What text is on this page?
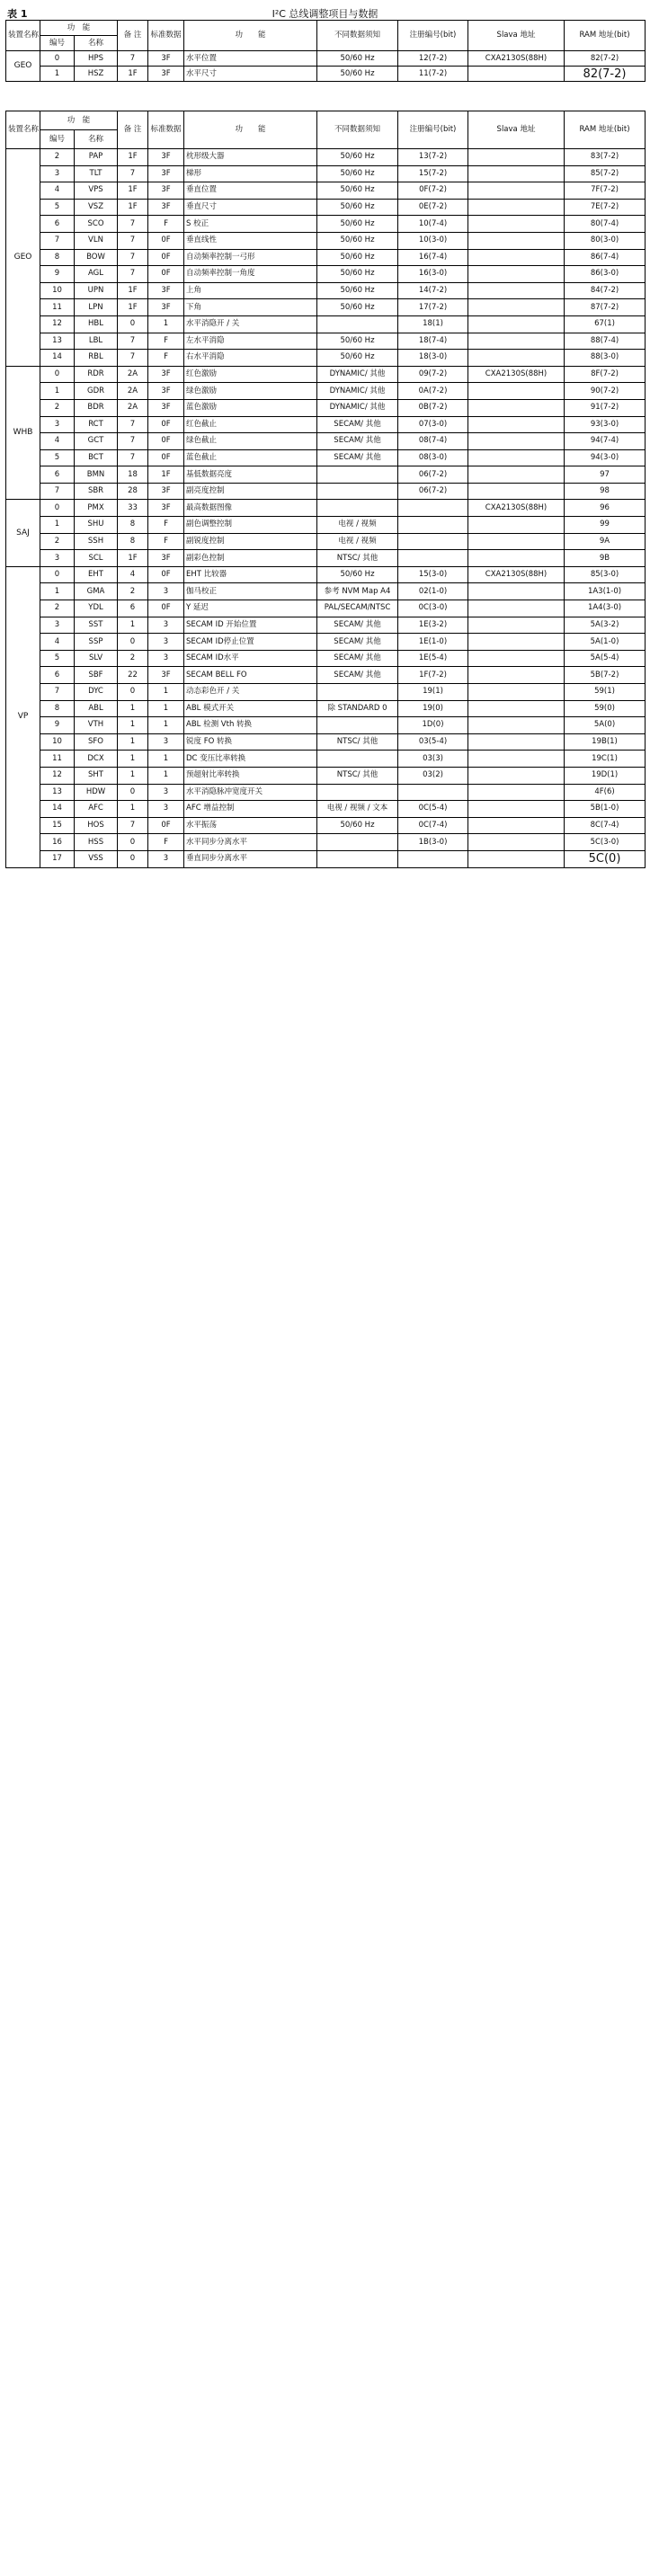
表 1	I²C 总线调整项目与数据
装置名称	功　能		备 注	标准数据	功　　能	不同数据须知	注册编号(bit)	Slava 地址	RAM 地址(bit)
	编号	名称							
GEO	0	HPS	7	3F	水平位置	50/60 Hz	12(7-2)	CXA2130S(88H)	82(7-2)
	1	HSZ	1F	3F	水平尺寸	50/60 Hz	11(7-2)		82(7-2)
装置名称	功　能		备 注	标准数据	功　　能	不同数据须知	注册编号(bit)	Slava 地址	RAM 地址(bit)
	编号	名称							
GEO	2	PAP	1F	3F	枕形级大器	50/60 Hz	13(7-2)		83(7-2)
	3	TLT	7	3F	梯形	50/60 Hz	15(7-2)		85(7-2)
	4	VPS	1F	3F	垂直位置	50/60 Hz	0F(7-2)		7F(7-2)
	5	VSZ	1F	3F	垂直尺寸	50/60 Hz	0E(7-2)		7E(7-2)
	6	SCO	7	F	S 校正	50/60 Hz	10(7-4)		80(7-4)
	7	VLN	7	0F	垂直线性	50/60 Hz	10(3-0)		80(3-0)
	8	BOW	7	0F	自动频率控制一弓形	50/60 Hz	16(7-4)		86(7-4)
	9	AGL	7	0F	自动频率控制一角度	50/60 Hz	16(3-0)		86(3-0)
	10	UPN	1F	3F	上角	50/60 Hz	14(7-2)		84(7-2)
	11	LPN	1F	3F	下角	50/60 Hz	17(7-2)		87(7-2)
	12	HBL	0	1	水平消隐开 / 关		18(1)		67(1)
	13	LBL	7	F	左水平消隐	50/60 Hz	18(7-4)		88(7-4)
	14	RBL	7	F	右水平消隐	50/60 Hz	18(3-0)		88(3-0)
WHB	0	RDR	2A	3F	红色激励	DYNAMIC/ 其他	09(7-2)	CXA2130S(88H)	8F(7-2)
	1	GDR	2A	3F	绿色激励	DYNAMIC/ 其他	0A(7-2)		90(7-2)
	2	BDR	2A	3F	蓝色激励	DYNAMIC/ 其他	0B(7-2)		91(7-2)
	3	RCT	7	0F	红色截止	SECAM/ 其他	07(3-0)		93(3-0)
	4	GCT	7	0F	绿色截止	SECAM/ 其他	08(7-4)		94(7-4)
	5	BCT	7	0F	蓝色截止	SECAM/ 其他	08(3-0)		94(3-0)
	6	BMN	18	1F	基低数据亮度		06(7-2)		97
	7	SBR	28	3F	副亮度控制		06(7-2)		98
SAJ	0	PMX	33	3F	最高数据图像			CXA2130S(88H)	96
	1	SHU	8	F	副色调整控制	电视 / 视频			99
	2	SSH	8	F	副锐度控制	电视 / 视频			9A
	3	SCL	1F	3F	副彩色控制	NTSC/ 其他			9B
VP	0	EHT	4	0F	EHT 比较器	50/60 Hz	15(3-0)	CXA2130S(88H)	85(3-0)
	1	GMA	2	3	伽马校正	参考 NVM Map A4	02(1-0)		1A3(1-0)
	2	YDL	6	0F	Y 延迟	PAL/SECAM/NTSC	0C(3-0)		1A4(3-0)
	3	SST	1	3	SECAM ID 开始位置	SECAM/ 其他	1E(3-2)		5A(3-2)
	4	SSP	0	3	SECAM ID停止位置	SECAM/ 其他	1E(1-0)		5A(1-0)
	5	SLV	2	3	SECAM ID水平	SECAM/ 其他	1E(5-4)		5A(5-4)
	6	SBF	22	3F	SECAM BELL FO	SECAM/ 其他	1F(7-2)		5B(7-2)
	7	DYC	0	1	动态彩色开 / 关		19(1)		59(1)
	8	ABL	1	1	ABL 模式开关	除 STANDARD 0	19(0)		59(0)
	9	VTH	1	1	ABL 检测 Vth 转换		1D(0)		5A(0)
	10	SFO	1	3	锐度 FO 转换	NTSC/ 其他	03(5-4)		19B(1)
	11	DCX	1	1	DC 变压比率转换		03(3)		19C(1)
	12	SHT	1	1	预超射比率转换	NTSC/ 其他	03(2)		19D(1)
	13	HDW	0	3	水平消隐脉冲宽度开关				4F(6)
	14	AFC	1	3	AFC 增益控制	电视 / 视频 / 文本	0C(5-4)		5B(1-0)
	15	HOS	7	0F	水平振荡	50/60 Hz	0C(7-4)		8C(7-4)
	16	HSS	0	F	水平同步分离水平		1B(3-0)		5C(3-0)
	17	VSS	0	3	垂直同步分离水平				5C(0)
